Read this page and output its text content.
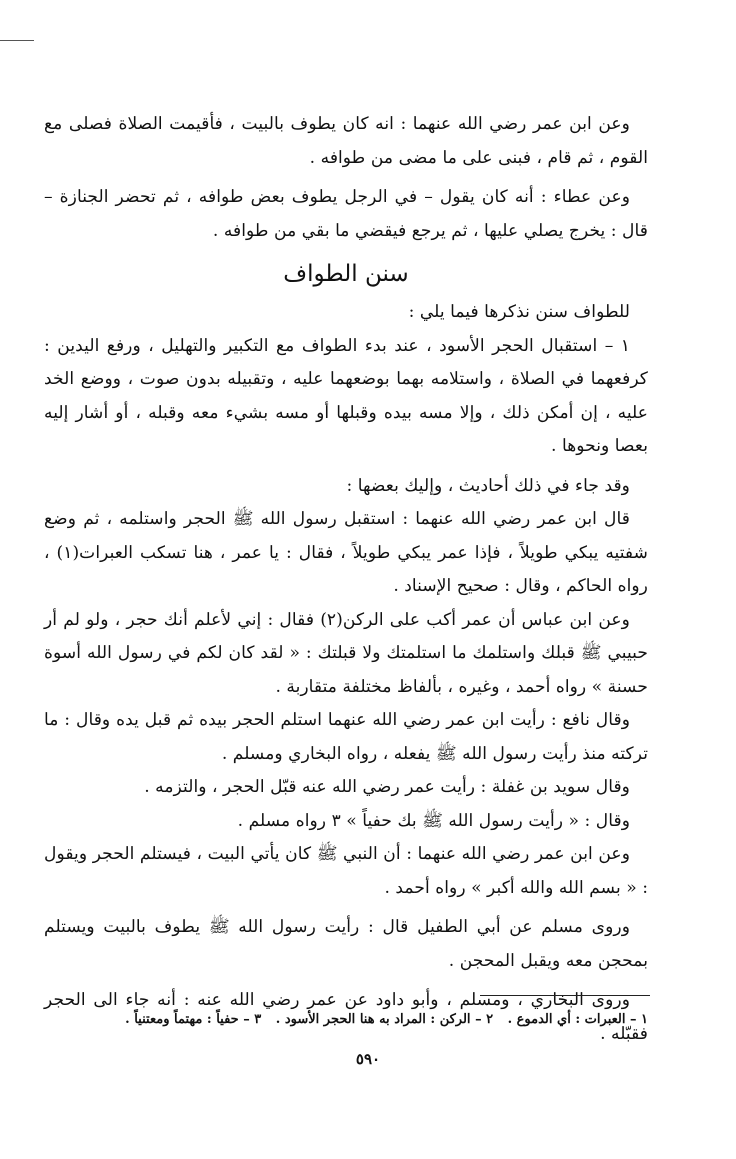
وعن ابن عمر رضي الله عنهما : انه كان يطوف بالبيت ، فأقيمت الصلاة فصلى مع القوم ، ثم قام ، فبنى على ما مضى من طوافه .

وعن عطاء : أنه كان يقول – في الرجل يطوف بعض طوافه ، ثم تحضر الجنازة – قال : يخرج يصلي عليها ، ثم يرجع فيقضي ما بقي من طوافه .

سنن الطواف

للطواف سنن نذكرها فيما يلي :

١ – استقبال الحجر الأسود ، عند بدء الطواف مع التكبير والتهليل ، ورفع اليدين : كرفعهما في الصلاة ، واستلامه بهما بوضعهما عليه ، وتقبيله بدون صوت ، ووضع الخد عليه ، إن أمكن ذلك ، وإلا مسه بيده وقبلها أو مسه بشيء معه وقبله ، أو أشار إليه بعصا ونحوها .

وقد جاء في ذلك أحاديث ، وإليك بعضها :

قال ابن عمر رضي الله عنهما : استقبل رسول الله ﷺ الحجر واستلمه ، ثم وضع شفتيه يبكي طويلاً ، فإذا عمر يبكي طويلاً ، فقال : يا عمر ، هنا تسكب العبرات(١) ، رواه الحاكم ، وقال : صحيح الإسناد .

وعن ابن عباس أن عمر أكب على الركن(٢) فقال : إني لأعلم أنك حجر ، ولو لم أر حبيبي ﷺ قبلك واستلمك ما استلمتك ولا قبلتك : « لقد كان لكم في رسول الله أسوة حسنة » رواه أحمد ، وغيره ، بألفاظ مختلفة متقاربة .

وقال نافع : رأيت ابن عمر رضي الله عنهما استلم الحجر بيده ثم قبل يده وقال : ما تركته منذ رأيت رسول الله ﷺ يفعله ، رواه البخاري ومسلم .

وقال سويد بن غفلة : رأيت عمر رضي الله عنه قبّل الحجر ، والتزمه .

وقال : « رأيت رسول الله ﷺ بك حفياً » ٣ رواه مسلم .

وعن ابن عمر رضي الله عنهما : أن النبي ﷺ كان يأتي البيت ، فيستلم الحجر ويقول : « بسم الله والله أكبر » رواه أحمد .

وروى مسلم عن أبي الطفيل قال : رأيت رسول الله ﷺ يطوف بالبيت ويستلم بمحجن معه ويقبل المحجن .

وروى البخاري ، ومسلم ، وأبو داود عن عمر رضي الله عنه : أنه جاء الى الحجر فقبّله .

١ – العبرات : أي الدموع . ٢ – الركن : المراد به هنا الحجر الأسود . ٣ – حفياً : مهتماً ومعتنياً .
٥٩٠
